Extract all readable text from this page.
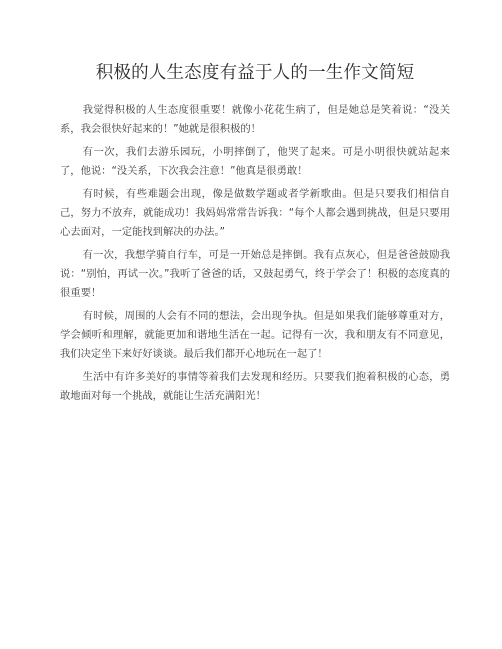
积极的人生态度有益于人的一生作文简短

我觉得积极的人生态度很重要！就像小花花生病了，但是她总是笑着说：“没关系，我会很快好起来的！”她就是很积极的！

有一次，我们去游乐园玩，小明摔倒了，他哭了起来。可是小明很快就站起来了，他说：“没关系，下次我会注意！”他真是很勇敢！

有时候，有些难题会出现，像是做数学题或者学新歌曲。但是只要我们相信自己，努力不放弃，就能成功！我妈妈常常告诉我：“每个人都会遇到挑战，但是只要用心去面对，一定能找到解决的办法。”

有一次，我想学骑自行车，可是一开始总是摔倒。我有点灰心，但是爸爸鼓励我说：“别怕，再试一次。”我听了爸爸的话，又鼓起勇气，终于学会了！积极的态度真的很重要！

有时候，周围的人会有不同的想法，会出现争执。但是如果我们能够尊重对方，学会倾听和理解，就能更加和谐地生活在一起。记得有一次，我和朋友有不同意见，我们决定坐下来好好谈谈。最后我们都开心地玩在一起了！

生活中有许多美好的事情等着我们去发现和经历。只要我们抱着积极的心态，勇敢地面对每一个挑战，就能让生活充满阳光！
